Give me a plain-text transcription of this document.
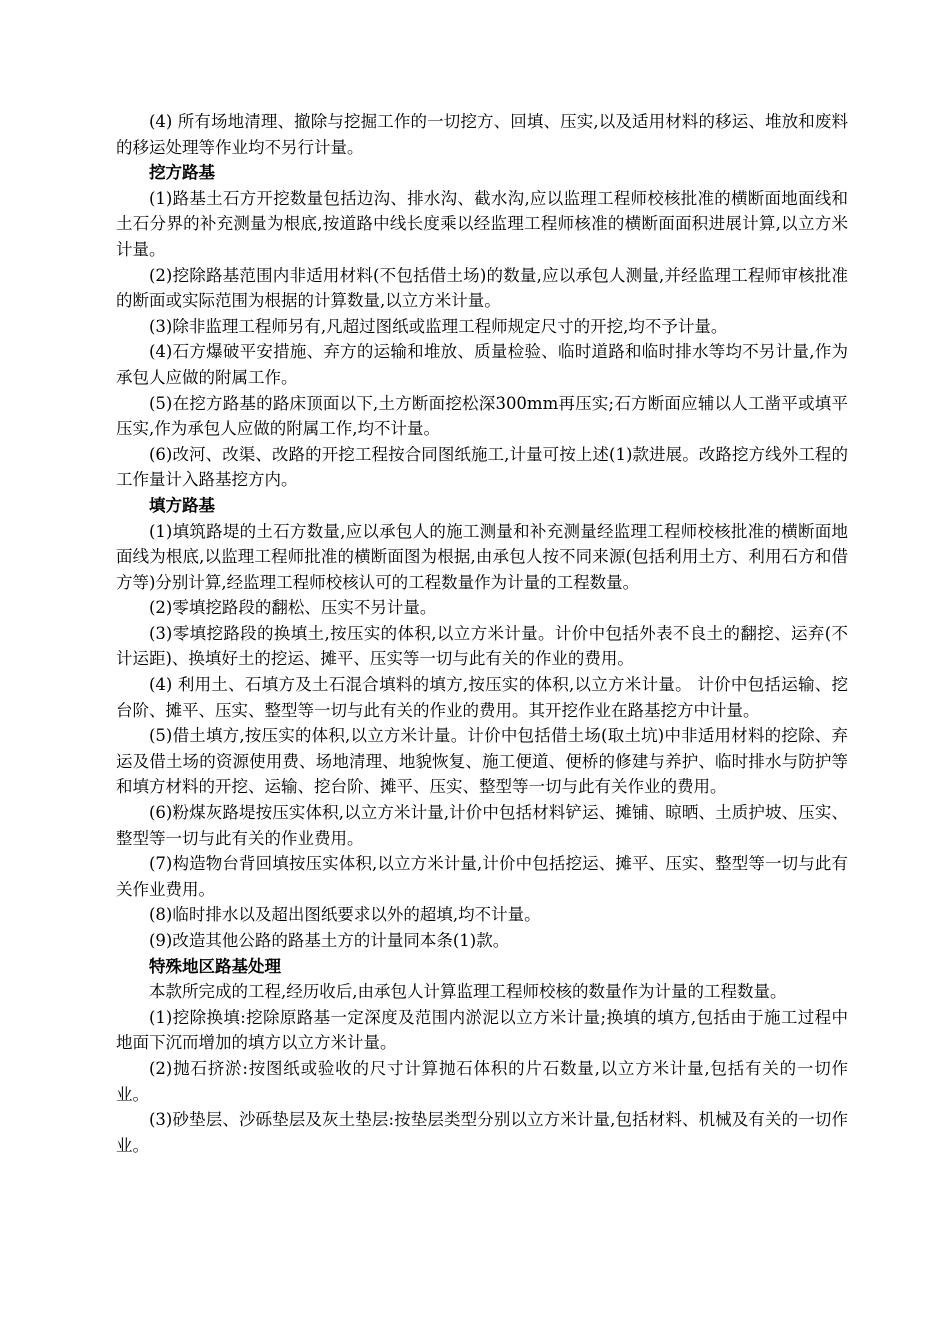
(4) 所有场地清理、撤除与挖掘工作的一切挖方、回填、压实,以及适用材料的移运、堆放和废料的移运处理等作业均不另行计量。

挖方路基

(1)路基土石方开挖数量包括边沟、排水沟、截水沟,应以监理工程师校核批准的横断面地面线和土石分界的补充测量为根底,按道路中线长度乘以经监理工程师核准的横断面面积进展计算,以立方米计量。

(2)挖除路基范围内非适用材料(不包括借土场)的数量,应以承包人测量,并经监理工程师审核批准的断面或实际范围为根据的计算数量,以立方米计量。

(3)除非监理工程师另有,凡超过图纸或监理工程师规定尺寸的开挖,均不予计量。

(4)石方爆破平安措施、弃方的运输和堆放、质量检验、临时道路和临时排水等均不另计量,作为承包人应做的附属工作。

(5)在挖方路基的路床顶面以下,土方断面挖松深300mm再压实;石方断面应辅以人工凿平或填平压实,作为承包人应做的附属工作,均不计量。

(6)改河、改渠、改路的开挖工程按合同图纸施工,计量可按上述(1)款进展。改路挖方线外工程的工作量计入路基挖方内。

填方路基

(1)填筑路堤的土石方数量,应以承包人的施工测量和补充测量经监理工程师校核批准的横断面地面线为根底,以监理工程师批准的横断面图为根据,由承包人按不同来源(包括利用土方、利用石方和借方等)分别计算,经监理工程师校核认可的工程数量作为计量的工程数量。

(2)零填挖路段的翻松、压实不另计量。

(3)零填挖路段的换填土,按压实的体积,以立方米计量。计价中包括外表不良土的翻挖、运弃(不计运距)、换填好土的挖运、摊平、压实等一切与此有关的作业的费用。

(4) 利用土、石填方及土石混合填料的填方,按压实的体积,以立方米计量。 计价中包括运输、挖台阶、摊平、压实、整型等一切与此有关的作业的费用。其开挖作业在路基挖方中计量。

(5)借土填方,按压实的体积,以立方米计量。计价中包括借土场(取土坑)中非适用材料的挖除、弃运及借土场的资源使用费、场地清理、地貌恢复、施工便道、便桥的修建与养护、临时排水与防护等和填方材料的开挖、运输、挖台阶、摊平、压实、整型等一切与此有关作业的费用。

(6)粉煤灰路堤按压实体积,以立方米计量,计价中包括材料铲运、摊铺、晾晒、土质护坡、压实、整型等一切与此有关的作业费用。

(7)构造物台背回填按压实体积,以立方米计量,计价中包括挖运、摊平、压实、整型等一切与此有关作业费用。

(8)临时排水以及超出图纸要求以外的超填,均不计量。

(9)改造其他公路的路基土方的计量同本条(1)款。

特殊地区路基处理

本款所完成的工程,经历收后,由承包人计算监理工程师校核的数量作为计量的工程数量。

(1)挖除换填:挖除原路基一定深度及范围内淤泥以立方米计量;换填的填方,包括由于施工过程中地面下沉而增加的填方以立方米计量。

(2)抛石挤淤:按图纸或验收的尺寸计算抛石体积的片石数量,以立方米计量,包括有关的一切作业。

(3)砂垫层、沙砾垫层及灰土垫层:按垫层类型分别以立方米计量,包括材料、机械及有关的一切作业。
